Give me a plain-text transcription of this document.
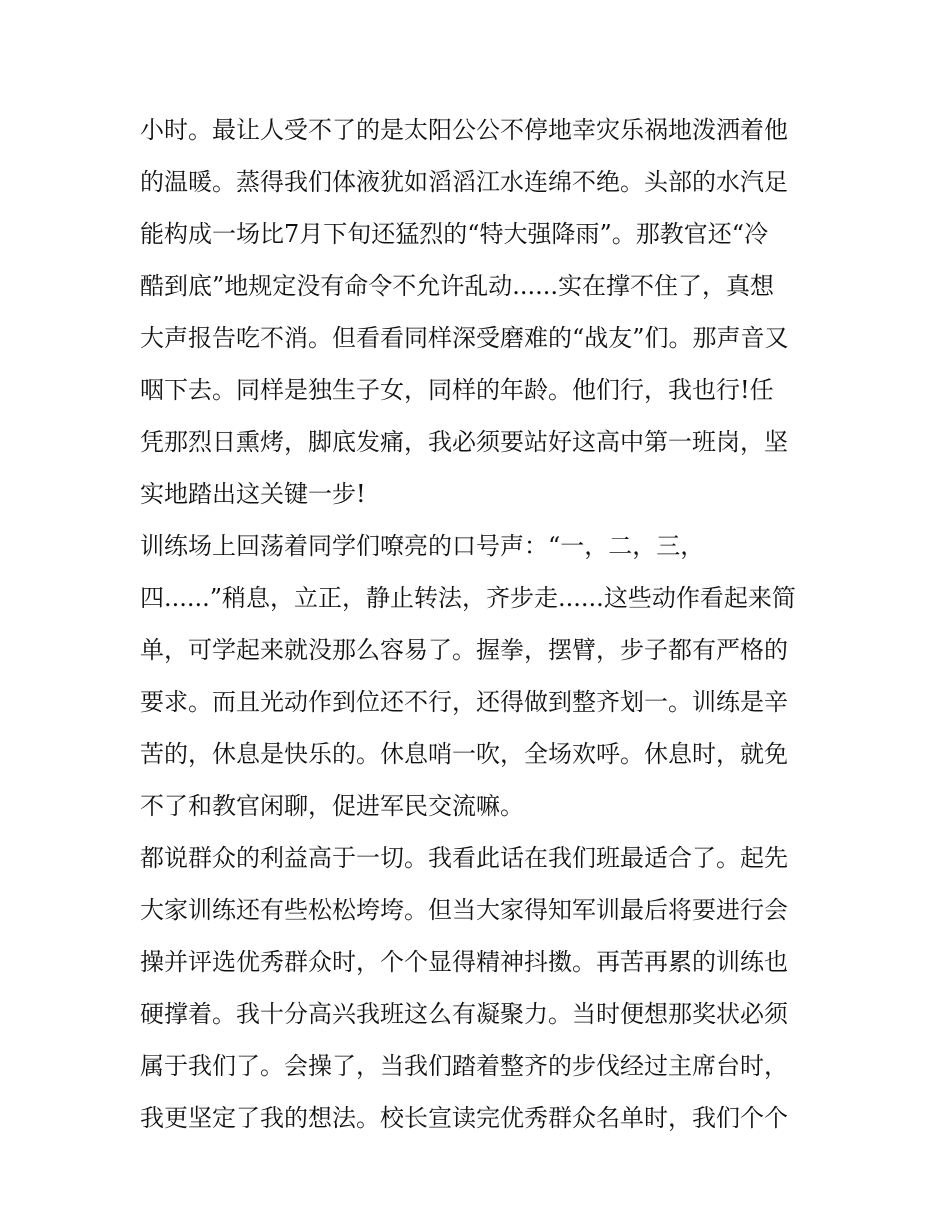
小时。最让人受不了的是太阳公公不停地幸灾乐祸地泼洒着他
的温暖。蒸得我们体液犹如滔滔江水连绵不绝。头部的水汽足
能构成一场比7月下旬还猛烈的“特大强降雨”。那教官还“冷
酷到底”地规定没有命令不允许乱动......实在撑不住了，真想
大声报告吃不消。但看看同样深受磨难的“战友”们。那声音又
咽下去。同样是独生子女，同样的年龄。他们行，我也行!任
凭那烈日熏烤，脚底发痛，我必须要站好这高中第一班岗，坚
实地踏出这关键一步!
训练场上回荡着同学们嘹亮的口号声：“一，二，三，
四......”稍息，立正，静止转法，齐步走......这些动作看起来简
单，可学起来就没那么容易了。握拳，摆臂，步子都有严格的
要求。而且光动作到位还不行，还得做到整齐划一。训练是辛
苦的，休息是快乐的。休息哨一吹，全场欢呼。休息时，就免
不了和教官闲聊，促进军民交流嘛。
都说群众的利益高于一切。我看此话在我们班最适合了。起先
大家训练还有些松松垮垮。但当大家得知军训最后将要进行会
操并评选优秀群众时，个个显得精神抖擞。再苦再累的训练也
硬撑着。我十分高兴我班这么有凝聚力。当时便想那奖状必须
属于我们了。会操了，当我们踏着整齐的步伐经过主席台时，
我更坚定了我的想法。校长宣读完优秀群众名单时，我们个个
